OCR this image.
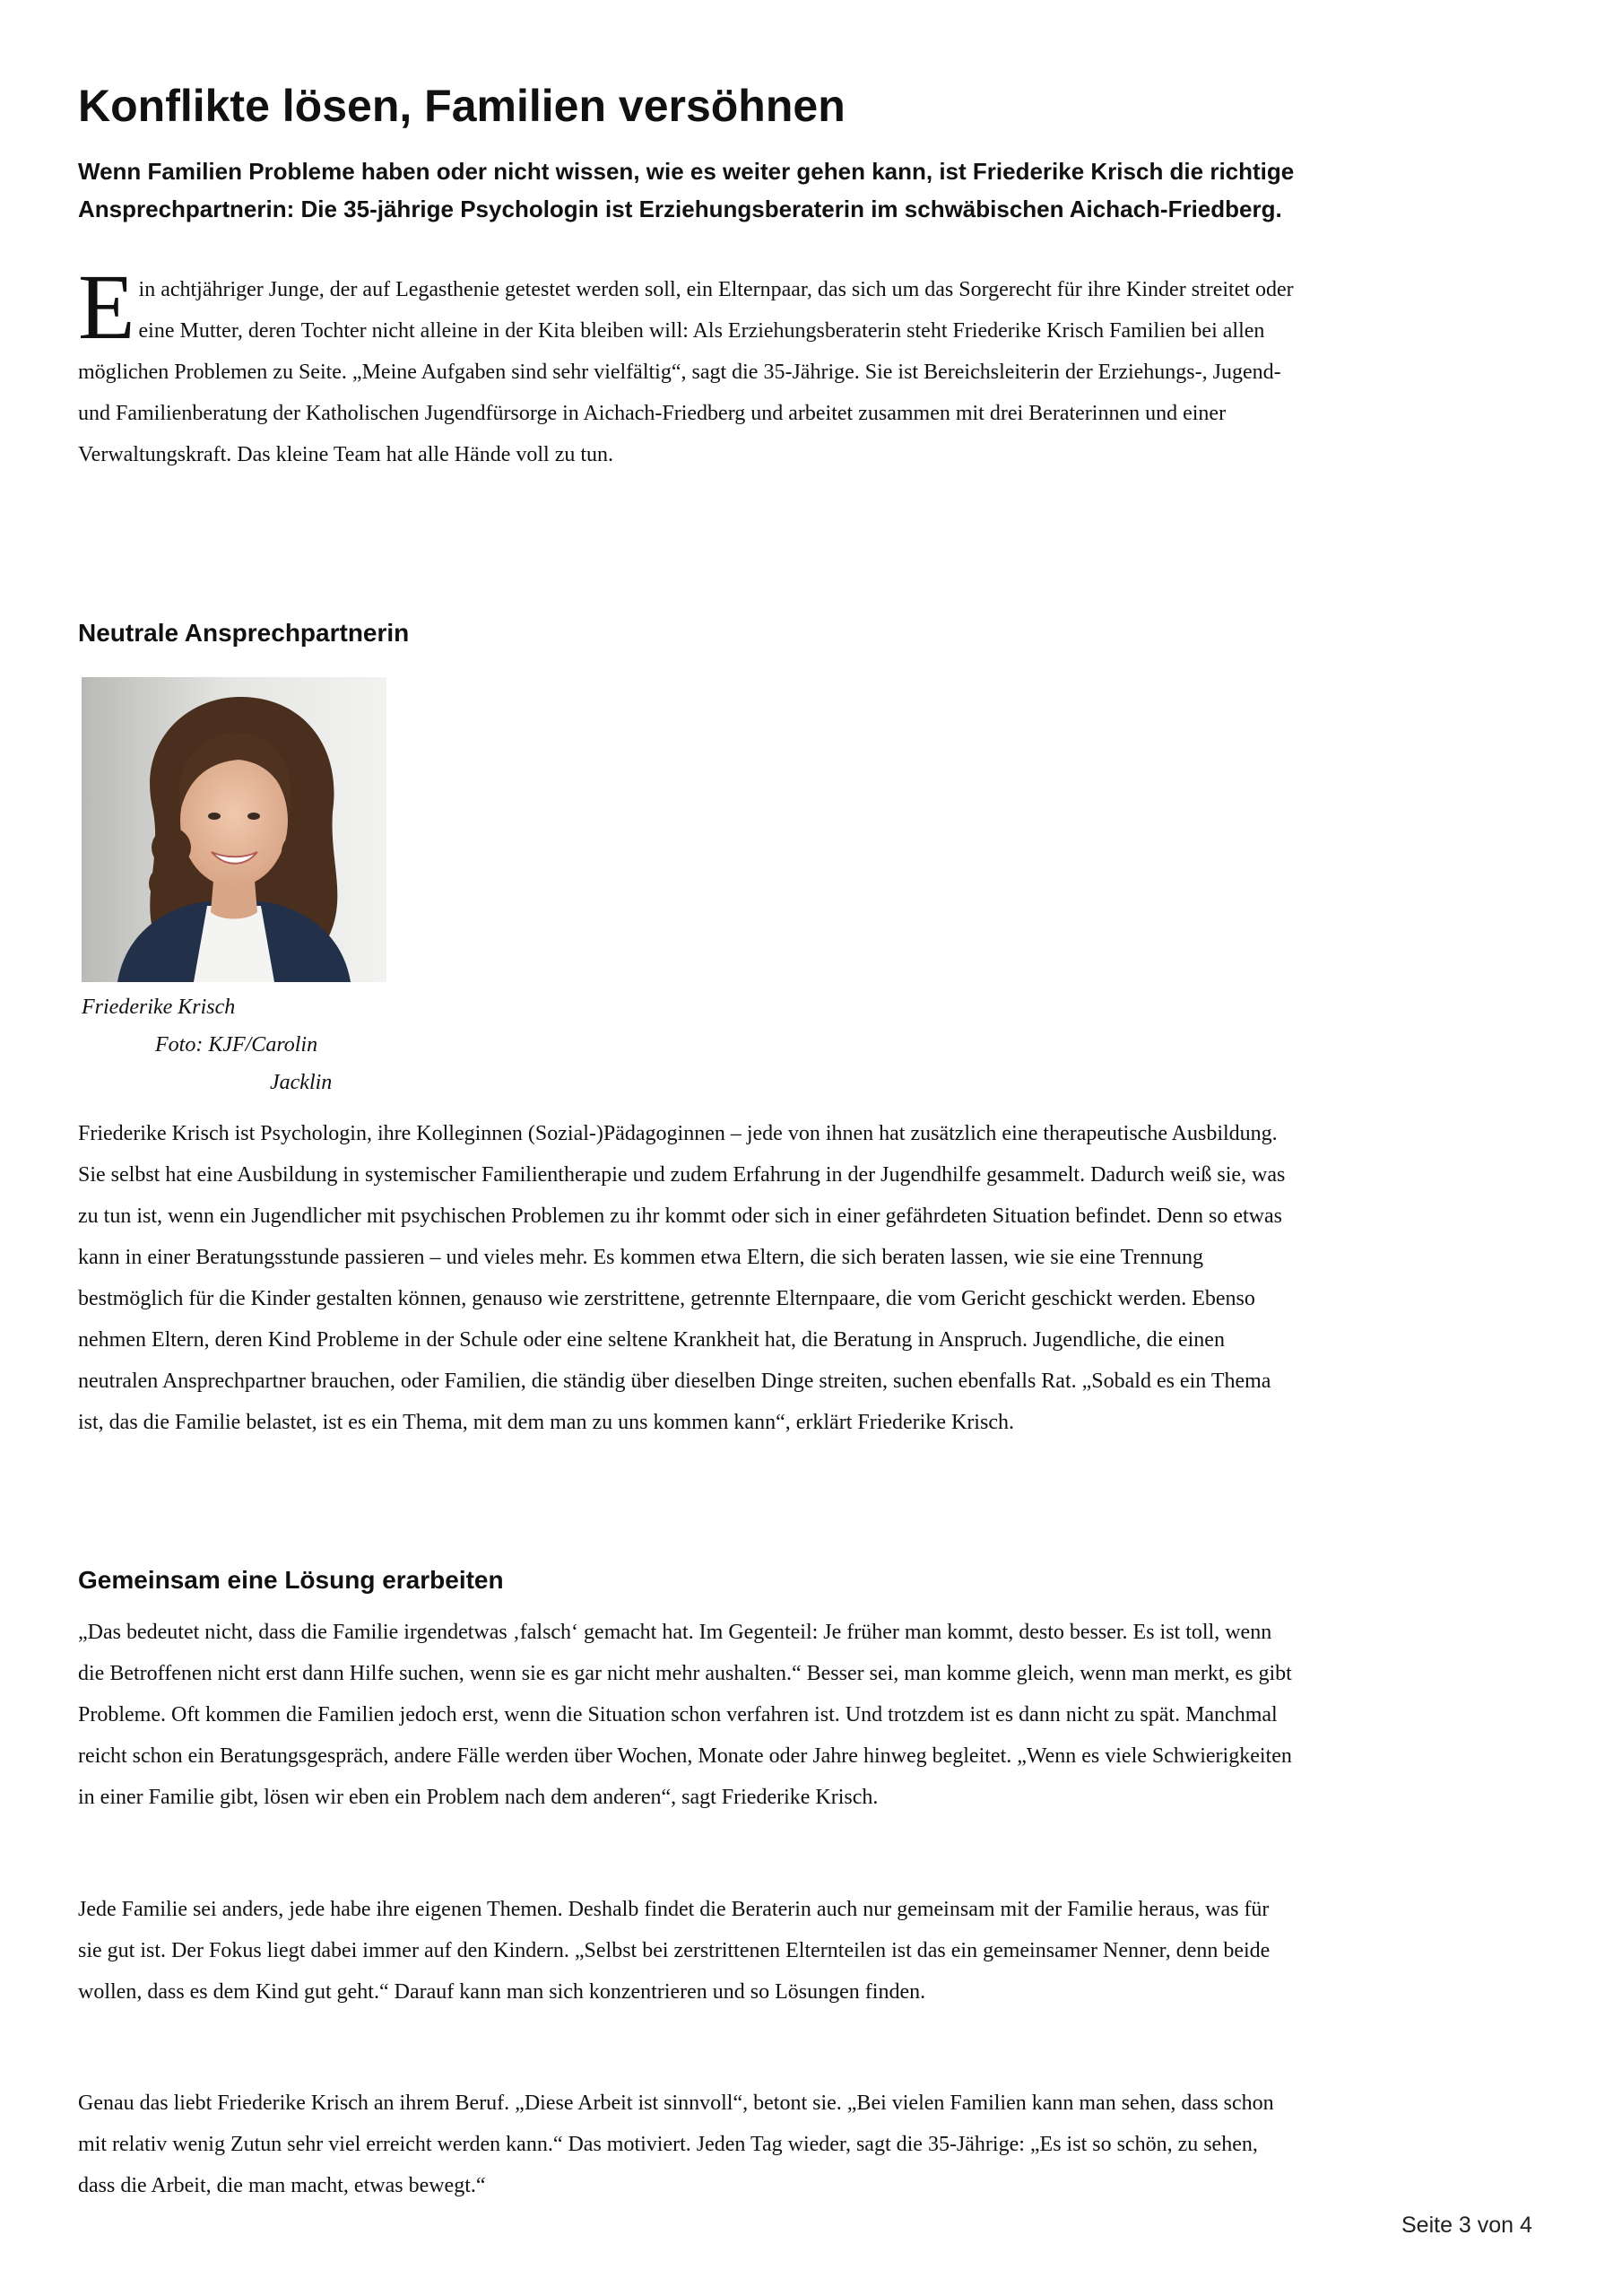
Konflikte lösen, Familien versöhnen

Wenn Familien Probleme haben oder nicht wissen, wie es weiter gehen kann, ist Friederike Krisch die richtige Ansprechpartnerin: Die 35-jährige Psychologin ist Erziehungsberaterin im schwäbischen Aichach-Friedberg.

Ein achtjähriger Junge, der auf Legasthenie getestet werden soll, ein Elternpaar, das sich um das Sorgerecht für ihre Kinder streitet oder eine Mutter, deren Tochter nicht alleine in der Kita bleiben will: Als Erziehungsberaterin steht Friederike Krisch Familien bei allen möglichen Problemen zu Seite. „Meine Aufgaben sind sehr vielfältig“, sagt die 35-Jährige. Sie ist Bereichsleiterin der Erziehungs-, Jugend- und Familienberatung der Katholischen Jugendfürsorge in Aichach-Friedberg und arbeitet zusammen mit drei Beraterinnen und einer Verwaltungskraft. Das kleine Team hat alle Hände voll zu tun.

Neutrale Ansprechpartnerin

Friederike Krisch
Foto: KJF/Carolin
Jacklin

Friederike Krisch ist Psychologin, ihre Kolleginnen (Sozial-)Pädagoginnen – jede von ihnen hat zusätzlich eine therapeutische Ausbildung. Sie selbst hat eine Ausbildung in systemischer Familientherapie und zudem Erfahrung in der Jugendhilfe gesammelt. Dadurch weiß sie, was zu tun ist, wenn ein Jugendlicher mit psychischen Problemen zu ihr kommt oder sich in einer gefährdeten Situation befindet. Denn so etwas kann in einer Beratungsstunde passieren – und vieles mehr. Es kommen etwa Eltern, die sich beraten lassen, wie sie eine Trennung bestmöglich für die Kinder gestalten können, genauso wie zerstrittene, getrennte Elternpaare, die vom Gericht geschickt werden. Ebenso nehmen Eltern, deren Kind Probleme in der Schule oder eine seltene Krankheit hat, die Beratung in Anspruch. Jugendliche, die einen neutralen Ansprechpartner brauchen, oder Familien, die ständig über dieselben Dinge streiten, suchen ebenfalls Rat. „Sobald es ein Thema ist, das die Familie belastet, ist es ein Thema, mit dem man zu uns kommen kann“, erklärt Friederike Krisch.

Gemeinsam eine Lösung erarbeiten

„Das bedeutet nicht, dass die Familie irgendetwas ‚falsch‘ gemacht hat. Im Gegenteil: Je früher man kommt, desto besser. Es ist toll, wenn die Betroffenen nicht erst dann Hilfe suchen, wenn sie es gar nicht mehr aushalten.“ Besser sei, man komme gleich, wenn man merkt, es gibt Probleme. Oft kommen die Familien jedoch erst, wenn die Situation schon verfahren ist. Und trotzdem ist es dann nicht zu spät. Manchmal reicht schon ein Beratungsgespräch, andere Fälle werden über Wochen, Monate oder Jahre hinweg begleitet. „Wenn es viele Schwierigkeiten in einer Familie gibt, lösen wir eben ein Problem nach dem anderen“, sagt Friederike Krisch.

Jede Familie sei anders, jede habe ihre eigenen Themen. Deshalb findet die Beraterin auch nur gemeinsam mit der Familie heraus, was für sie gut ist. Der Fokus liegt dabei immer auf den Kindern. „Selbst bei zerstrittenen Elternteilen ist das ein gemeinsamer Nenner, denn beide wollen, dass es dem Kind gut geht.“ Darauf kann man sich konzentrieren und so Lösungen finden.

Genau das liebt Friederike Krisch an ihrem Beruf. „Diese Arbeit ist sinnvoll“, betont sie. „Bei vielen Familien kann man sehen, dass schon mit relativ wenig Zutun sehr viel erreicht werden kann.“ Das motiviert. Jeden Tag wieder, sagt die 35-Jährige: „Es ist so schön, zu sehen, dass die Arbeit, die man macht, etwas bewegt.“

Seite 3 von 4
